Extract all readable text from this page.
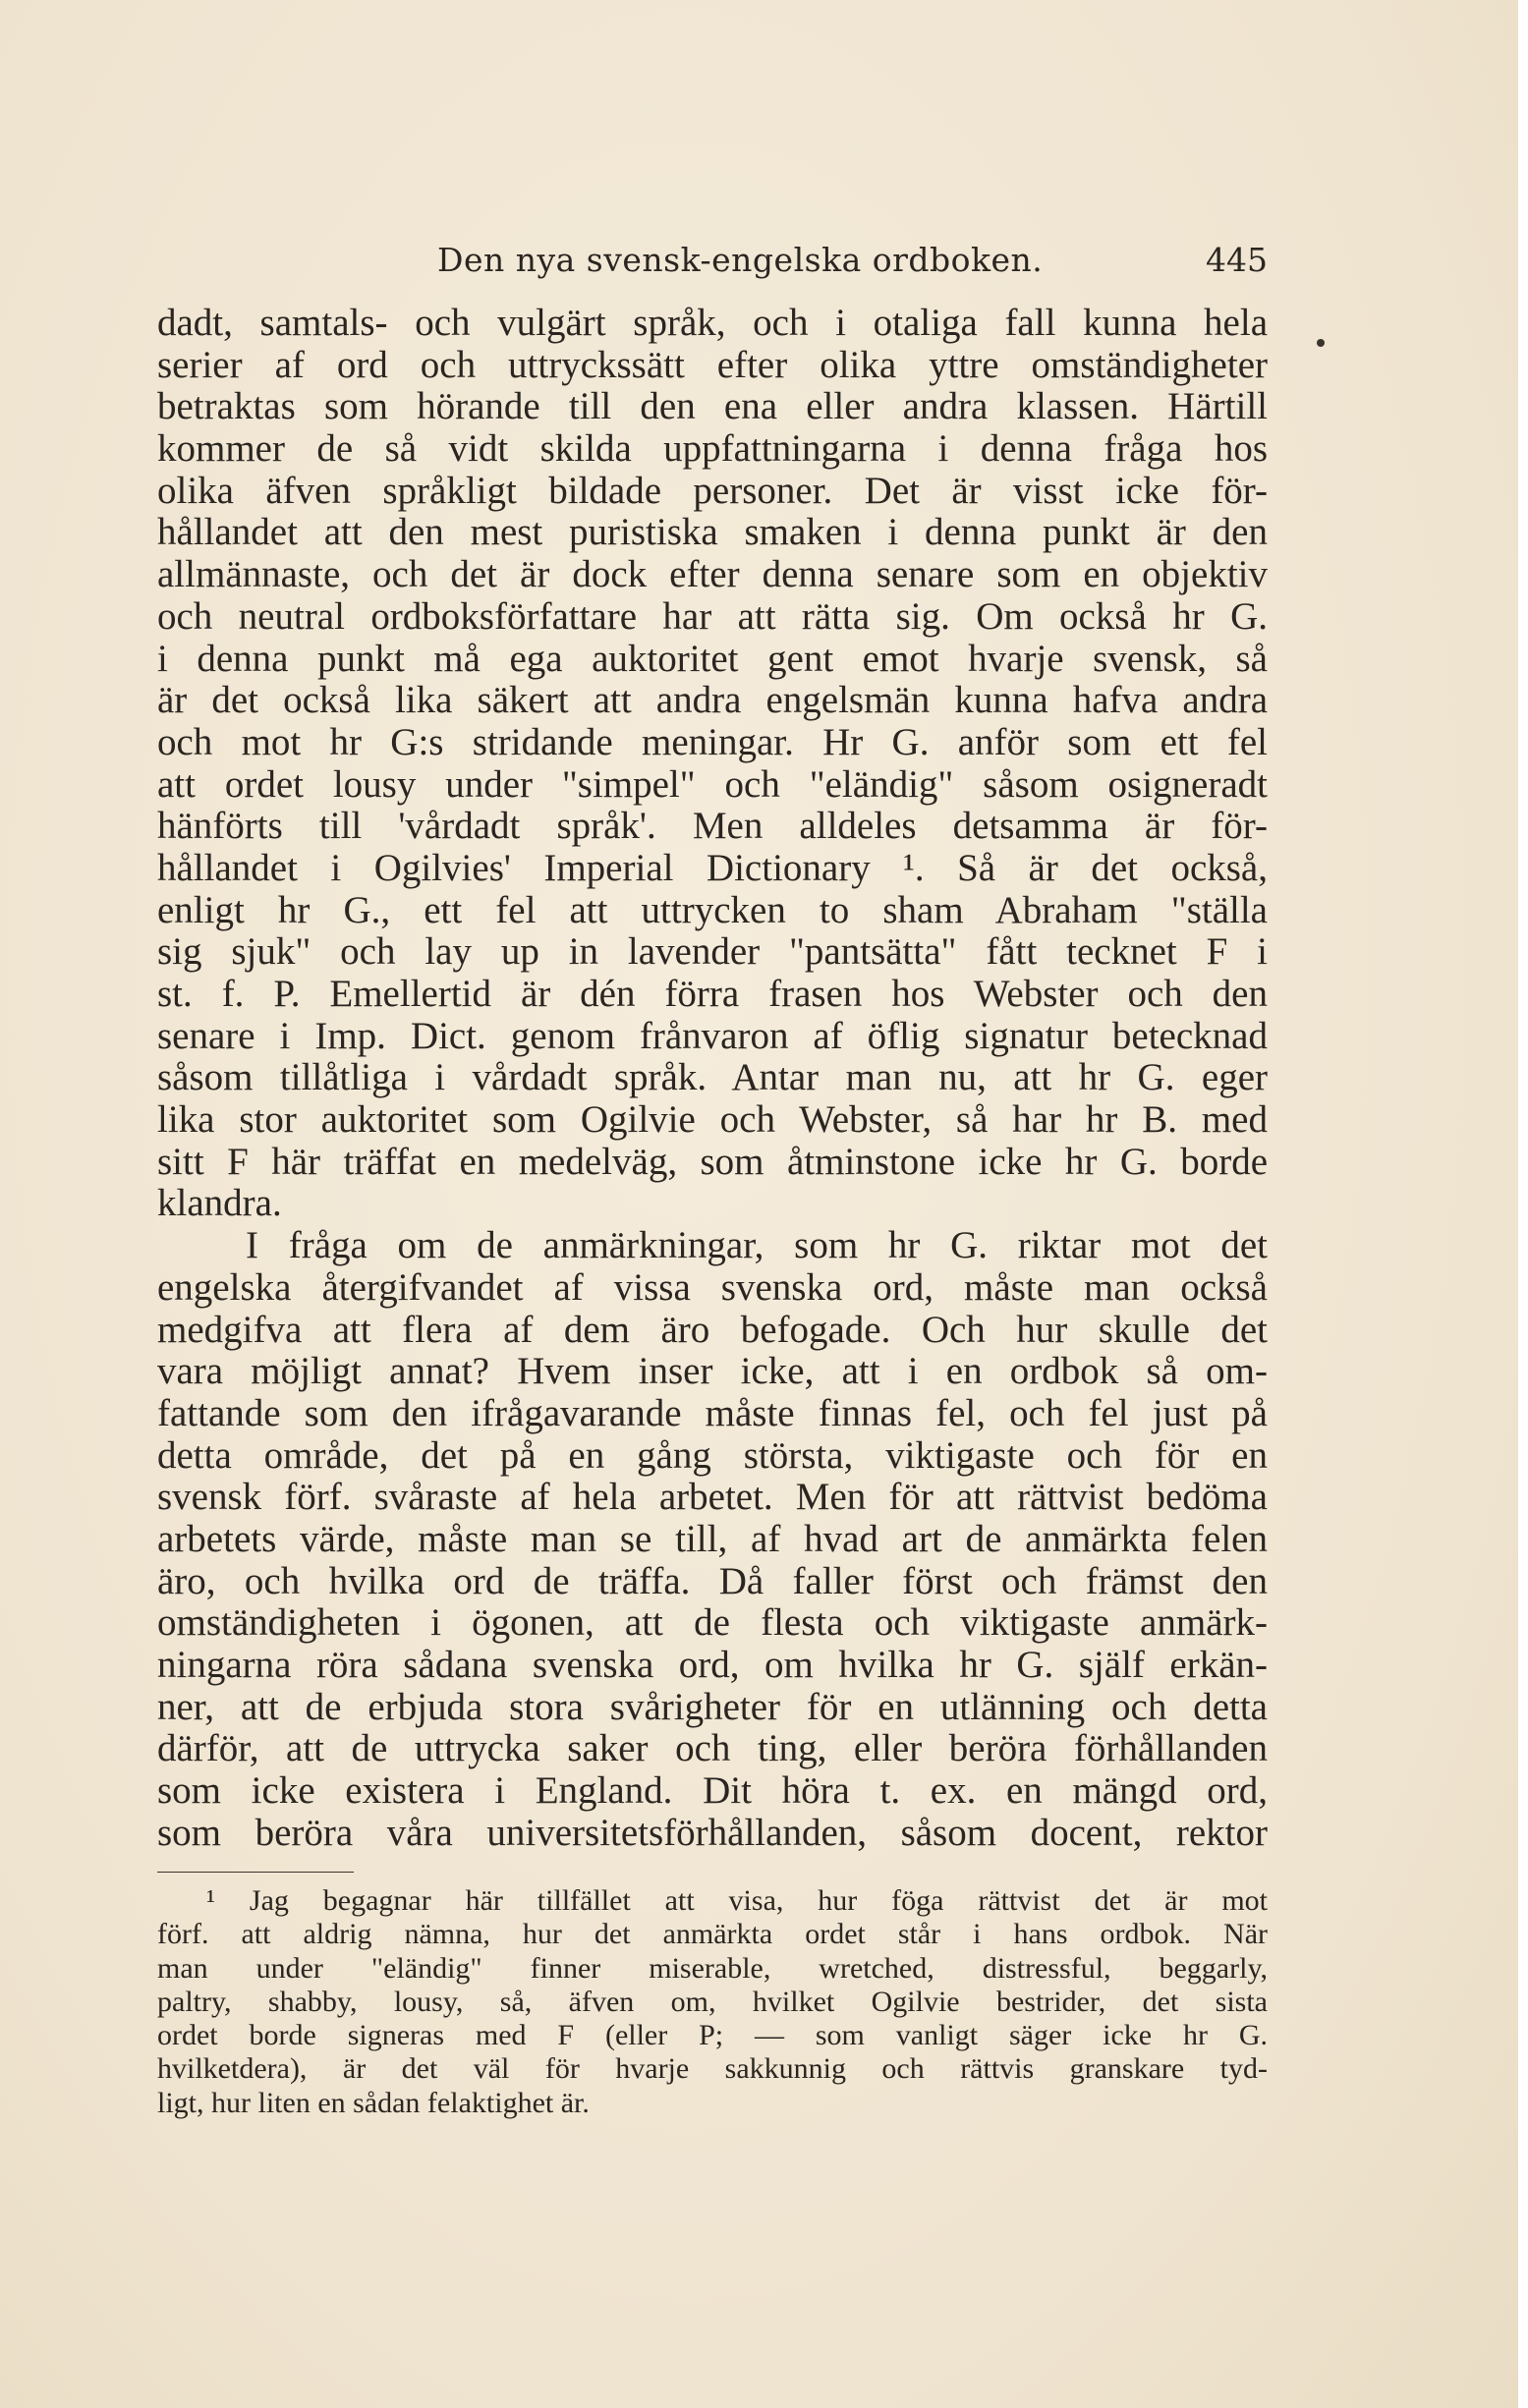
Den nya svensk-engelska ordboken.	445
dadt, samtals- och vulgärt språk, och i otaliga fall kunna hela
serier af ord och uttryckssätt efter olika yttre omständigheter
betraktas som hörande till den ena eller andra klassen. Härtill
kommer de så vidt skilda uppfattningarna i denna fråga hos
olika äfven språkligt bildade personer. Det är visst icke för-
hållandet att den mest puristiska smaken i denna punkt är den
allmännaste, och det är dock efter denna senare som en objektiv
och neutral ordboksförfattare har att rätta sig. Om också hr G.
i denna punkt må ega auktoritet gent emot hvarje svensk, så
är det också lika säkert att andra engelsmän kunna hafva andra
och mot hr G:s stridande meningar. Hr G. anför som ett fel
att ordet lousy under "simpel" och "eländig" såsom osigneradt
hänförts till 'vårdadt språk'. Men alldeles detsamma är för-
hållandet i Ogilvies' Imperial Dictionary ¹. Så är det också,
enligt hr G., ett fel att uttrycken to sham Abraham "ställa
sig sjuk" och lay up in lavender "pantsätta" fått tecknet F i
st. f. P. Emellertid är dén förra frasen hos Webster och den
senare i Imp. Dict. genom frånvaron af öflig signatur betecknad
såsom tillåtliga i vårdadt språk. Antar man nu, att hr G. eger
lika stor auktoritet som Ogilvie och Webster, så har hr B. med
sitt F här träffat en medelväg, som åtminstone icke hr G. borde
klandra.
I fråga om de anmärkningar, som hr G. riktar mot det
engelska återgifvandet af vissa svenska ord, måste man också
medgifva att flera af dem äro befogade. Och hur skulle det
vara möjligt annat? Hvem inser icke, att i en ordbok så om-
fattande som den ifrågavarande måste finnas fel, och fel just på
detta område, det på en gång största, viktigaste och för en
svensk förf. svåraste af hela arbetet. Men för att rättvist bedöma
arbetets värde, måste man se till, af hvad art de anmärkta felen
äro, och hvilka ord de träffa. Då faller först och främst den
omständigheten i ögonen, att de flesta och viktigaste anmärk-
ningarna röra sådana svenska ord, om hvilka hr G. själf erkän-
ner, att de erbjuda stora svårigheter för en utlänning och detta
därför, att de uttrycka saker och ting, eller beröra förhållanden
som icke existera i England. Dit höra t. ex. en mängd ord,
som beröra våra universitetsförhållanden, såsom docent, rektor
¹ Jag begagnar här tillfället att visa, hur föga rättvist det är mot
förf. att aldrig nämna, hur det anmärkta ordet står i hans ordbok. När
man under "eländig" finner miserable, wretched, distressful, beggarly,
paltry, shabby, lousy, så, äfven om, hvilket Ogilvie bestrider, det sista
ordet borde signeras med F (eller P; — som vanligt säger icke hr G.
hvilketdera), är det väl för hvarje sakkunnig och rättvis granskare tyd-
ligt, hur liten en sådan felaktighet är.
